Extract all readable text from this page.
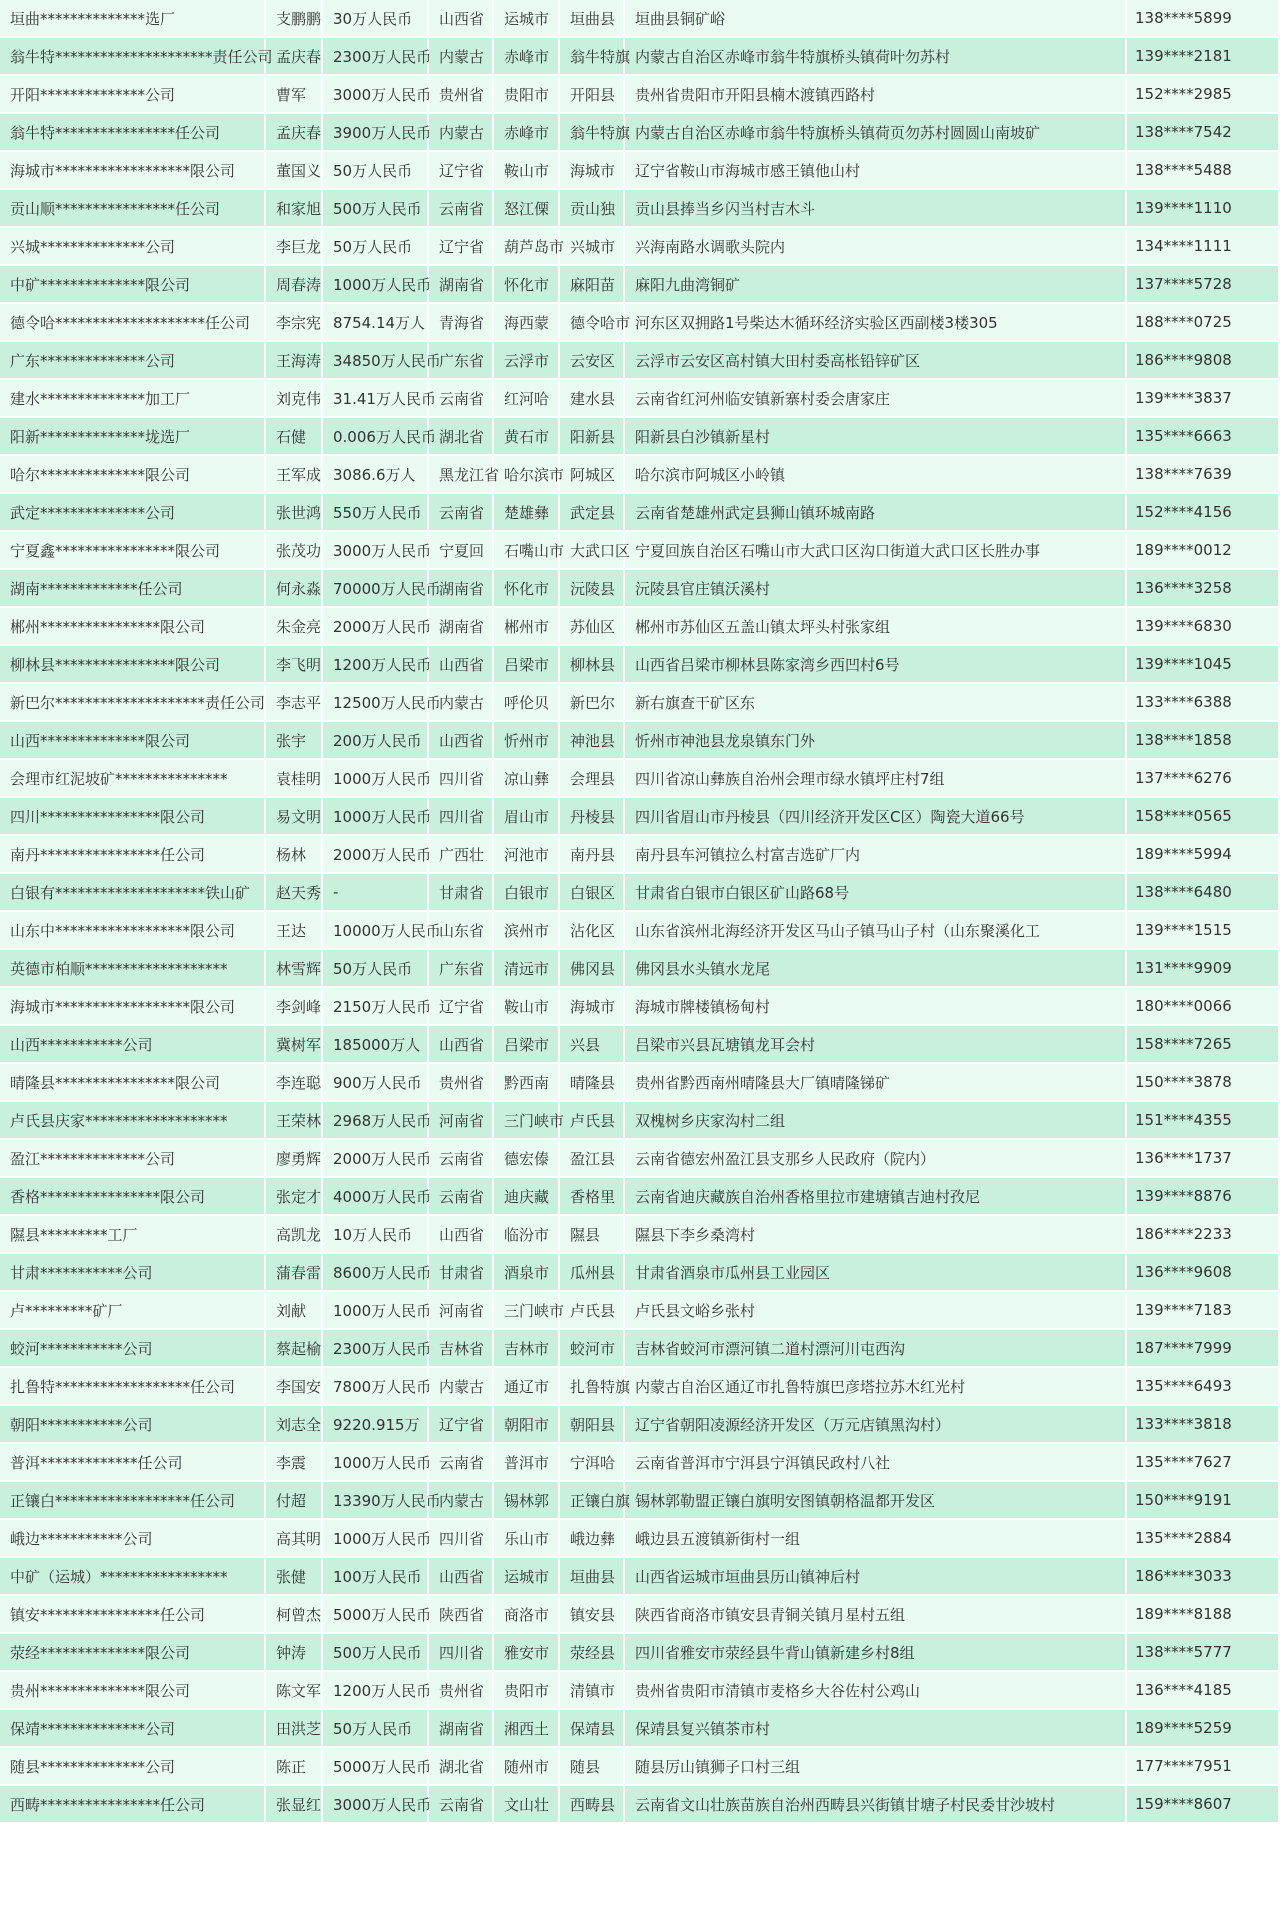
垣曲**************选厂	支鹏鹏	30万人民币	山西省	运城市	垣曲县	垣曲县铜矿峪	138****5899
翁牛特*********************责任公司	孟庆春	2300万人民币	内蒙古	赤峰市	翁牛特旗	内蒙古自治区赤峰市翁牛特旗桥头镇荷叶勿苏村	139****2181
开阳**************公司	曹军	3000万人民币	贵州省	贵阳市	开阳县	贵州省贵阳市开阳县楠木渡镇西路村	152****2985
翁牛特****************任公司	孟庆春	3900万人民币	内蒙古	赤峰市	翁牛特旗	内蒙古自治区赤峰市翁牛特旗桥头镇荷页勿苏村圆圆山南坡矿	138****7542
海城市******************限公司	董国义	50万人民币	辽宁省	鞍山市	海城市	辽宁省鞍山市海城市感王镇他山村	138****5488
贡山顺****************任公司	和家旭	500万人民币	云南省	怒江傈	贡山独	贡山县捧当乡闪当村吉木斗	139****1110
兴城**************公司	李巨龙	50万人民币	辽宁省	葫芦岛市	兴城市	兴海南路水调歌头院内	134****1111
中矿**************限公司	周春涛	1000万人民币	湖南省	怀化市	麻阳苗	麻阳九曲湾铜矿	137****5728
德令哈********************任公司	李宗宪	8754.14万人	青海省	海西蒙	德令哈市	河东区双拥路1号柴达木循环经济实验区西副楼3楼305	188****0725
广东**************公司	王海涛	34850万人民币	广东省	云浮市	云安区	云浮市云安区高村镇大田村委高枨铅锌矿区	186****9808
建水**************加工厂	刘克伟	31.41万人民币	云南省	红河哈	建水县	云南省红河州临安镇新寨村委会唐家庄	139****3837
阳新**************垅选厂	石健	0.006万人民币	湖北省	黄石市	阳新县	阳新县白沙镇新星村	135****6663
哈尔**************限公司	王军成	3086.6万人	黑龙江省	哈尔滨市	阿城区	哈尔滨市阿城区小岭镇	138****7639
武定**************公司	张世鸿	550万人民币	云南省	楚雄彝	武定县	云南省楚雄州武定县狮山镇环城南路	152****4156
宁夏鑫****************限公司	张茂功	3000万人民币	宁夏回	石嘴山市	大武口区	宁夏回族自治区石嘴山市大武口区沟口街道大武口区长胜办事	189****0012
湖南*************任公司	何永淼	70000万人民币	湖南省	怀化市	沅陵县	沅陵县官庄镇沃溪村	136****3258
郴州****************限公司	朱金亮	2000万人民币	湖南省	郴州市	苏仙区	郴州市苏仙区五盖山镇太坪头村张家组	139****6830
柳林县****************限公司	李飞明	1200万人民币	山西省	吕梁市	柳林县	山西省吕梁市柳林县陈家湾乡西凹村6号	139****1045
新巴尔********************责任公司	李志平	12500万人民币	内蒙古	呼伦贝	新巴尔	新右旗查干矿区东	133****6388
山西**************限公司	张宇	200万人民币	山西省	忻州市	神池县	忻州市神池县龙泉镇东门外	138****1858
会理市红泥坡矿***************	袁桂明	1000万人民币	四川省	凉山彝	会理县	四川省凉山彝族自治州会理市绿水镇坪庄村7组	137****6276
四川****************限公司	易文明	1000万人民币	四川省	眉山市	丹棱县	四川省眉山市丹棱县（四川经济开发区C区）陶瓷大道66号	158****0565
南丹****************任公司	杨林	2000万人民币	广西壮	河池市	南丹县	南丹县车河镇拉么村富吉选矿厂内	189****5994
白银有********************铁山矿	赵天秀	-	甘肃省	白银市	白银区	甘肃省白银市白银区矿山路68号	138****6480
山东中******************限公司	王达	10000万人民币	山东省	滨州市	沾化区	山东省滨州北海经济开发区马山子镇马山子村（山东聚溪化工	139****1515
英德市柏顺*******************	林雪辉	50万人民币	广东省	清远市	佛冈县	佛冈县水头镇水龙尾	131****9909
海城市******************限公司	李剑峰	2150万人民币	辽宁省	鞍山市	海城市	海城市牌楼镇杨甸村	180****0066
山西***********公司	冀树军	185000万人	山西省	吕梁市	兴县	吕梁市兴县瓦塘镇龙耳会村	158****7265
晴隆县****************限公司	李连聪	900万人民币	贵州省	黔西南	晴隆县	贵州省黔西南州晴隆县大厂镇晴隆锑矿	150****3878
卢氏县庆家*******************	王荣林	2968万人民币	河南省	三门峡市	卢氏县	双槐树乡庆家沟村二组	151****4355
盈江**************公司	廖勇辉	2000万人民币	云南省	德宏傣	盈江县	云南省德宏州盈江县支那乡人民政府（院内）	136****1737
香格****************限公司	张定才	4000万人民币	云南省	迪庆藏	香格里	云南省迪庆藏族自治州香格里拉市建塘镇吉迪村孜尼	139****8876
隰县*********工厂	高凯龙	10万人民币	山西省	临汾市	隰县	隰县下李乡桑湾村	186****2233
甘肃***********公司	蒲春雷	8600万人民币	甘肃省	酒泉市	瓜州县	甘肃省酒泉市瓜州县工业园区	136****9608
卢*********矿厂	刘献	1000万人民币	河南省	三门峡市	卢氏县	卢氏县文峪乡张村	139****7183
蛟河***********公司	蔡起榆	2300万人民币	吉林省	吉林市	蛟河市	吉林省蛟河市漂河镇二道村漂河川屯西沟	187****7999
扎鲁特******************任公司	李国安	7800万人民币	内蒙古	通辽市	扎鲁特旗	内蒙古自治区通辽市扎鲁特旗巴彦塔拉苏木红光村	135****6493
朝阳***********公司	刘志全	9220.915万	辽宁省	朝阳市	朝阳县	辽宁省朝阳凌源经济开发区（万元店镇黑沟村）	133****3818
普洱*************任公司	李震	1000万人民币	云南省	普洱市	宁洱哈	云南省普洱市宁洱县宁洱镇民政村八社	135****7627
正镶白******************任公司	付超	13390万人民币	内蒙古	锡林郭	正镶白旗	锡林郭勒盟正镶白旗明安图镇朝格温都开发区	150****9191
峨边***********公司	高其明	1000万人民币	四川省	乐山市	峨边彝	峨边县五渡镇新街村一组	135****2884
中矿（运城）*****************	张健	100万人民币	山西省	运城市	垣曲县	山西省运城市垣曲县历山镇神后村	186****3033
镇安****************任公司	柯曾杰	5000万人民币	陕西省	商洛市	镇安县	陕西省商洛市镇安县青铜关镇月星村五组	189****8188
荥经**************限公司	钟涛	500万人民币	四川省	雅安市	荥经县	四川省雅安市荥经县牛背山镇新建乡村8组	138****5777
贵州**************限公司	陈文军	1200万人民币	贵州省	贵阳市	清镇市	贵州省贵阳市清镇市麦格乡大谷佐村公鸡山	136****4185
保靖**************公司	田洪芝	50万人民币	湖南省	湘西土	保靖县	保靖县复兴镇茶市村	189****5259
随县**************公司	陈正	5000万人民币	湖北省	随州市	随县	随县厉山镇狮子口村三组	177****7951
西畴****************任公司	张显红	3000万人民币	云南省	文山壮	西畴县	云南省文山壮族苗族自治州西畴县兴街镇甘塘子村民委甘沙坡村	159****8607
